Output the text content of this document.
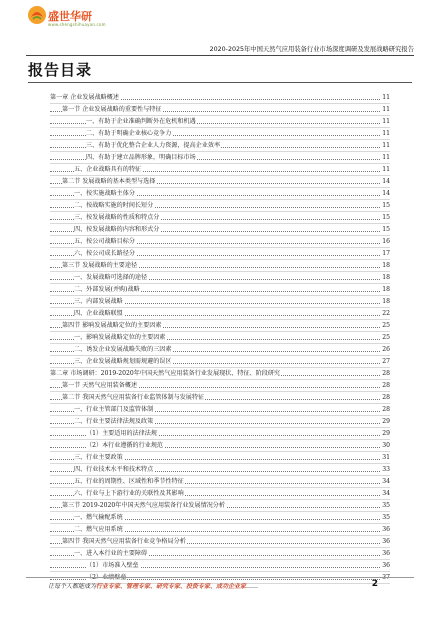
盛世华研
www.shengshihuayan.com
2020-2025年中国天然气应用装备行业市场深度调研及发展战略研究报告
报告目录
第一章 企业发展战略概述	11
第一节 企业发展战略的重要性与特征	11
一、有助于企业准确判断外在危机和机遇	11
二、有助于明确企业核心竞争力	11
三、有助于优化整合企业人力资源，提高企业效率	11
四、有助于建立品牌形象，明确目标市场	11
五、企业战略具有的特征	11
第二节 发展战略的基本类型与选择	14
一、按实施战略主体分	14
二、按战略实施的时间长短分	15
三、按发展战略的性质和特点分	15
四、按发展战略的内容和形式分	15
五、按公司战略目标分	16
六、按公司成长路径分	17
第三节 发展战略的主要途径	18
一、发展战略可选择的途径	18
二、外部发展(并购)战略	18
三、内部发展战略	18
四、企业战略联盟	22
第四节 影响发展战略定位的主要因素	25
一、影响发展战略定位的主要因素	25
二、诱发企业发展战略失败的三因素	26
三、企业发展战略规划需规避的误区	27
第二章 市场调研：2019-2020年中国天然气应用装备行业发展现状、特征、阶段研究	28
第一节 天然气应用装备概述	28
第二节 我国天然气应用装备行业监管体制与发展特征	28
一、行业主管部门及监管体制	28
二、行业主要法律法规及政策	29
（1）主要适用的法律法规	29
（2）本行业遵循的行业规范	30
三、行业主要政策	31
四、行业技术水平和技术特点	33
五、行业的周期性、区域性和季节性特征	34
六、行业与上下游行业的关联性及其影响	34
第三节 2019-2020年中国天然气应用装备行业发展情况分析	35
一、燃气输配系统	35
二、燃气应用系统	36
第四节 我国天然气应用装备行业竞争格局分析	36
一、进入本行业的主要障碍	36
（1）市场准入壁垒	36
（2）业绩壁垒	37
让每个人都能成为行业专家、管理专家、研究专家、投资专家、成功企业家……	2
